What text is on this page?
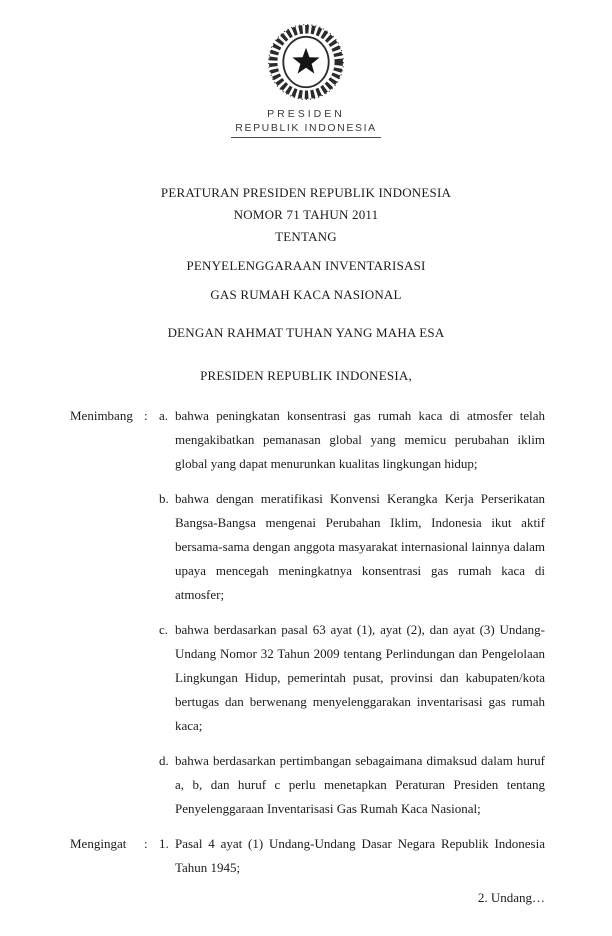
PRESIDEN
REPUBLIK INDONESIA
PERATURAN PRESIDEN REPUBLIK INDONESIA
NOMOR 71 TAHUN 2011
TENTANG
PENYELENGGARAAN INVENTARISASI
GAS RUMAH KACA NASIONAL
DENGAN RAHMAT TUHAN YANG MAHA ESA
PRESIDEN REPUBLIK INDONESIA,
Menimbang : a. bahwa peningkatan konsentrasi gas rumah kaca di atmosfer telah mengakibatkan pemanasan global yang memicu perubahan iklim global yang dapat menurunkan kualitas lingkungan hidup;
b. bahwa dengan meratifikasi Konvensi Kerangka Kerja Perserikatan Bangsa-Bangsa mengenai Perubahan Iklim, Indonesia ikut aktif bersama-sama dengan anggota masyarakat internasional lainnya dalam upaya mencegah meningkatnya konsentrasi gas rumah kaca di atmosfer;
c. bahwa berdasarkan pasal 63 ayat (1), ayat (2), dan ayat (3) Undang-Undang Nomor 32 Tahun 2009 tentang Perlindungan dan Pengelolaan Lingkungan Hidup, pemerintah pusat, provinsi dan kabupaten/kota bertugas dan berwenang menyelenggarakan inventarisasi gas rumah kaca;
d. bahwa berdasarkan pertimbangan sebagaimana dimaksud dalam huruf a, b, dan huruf c perlu menetapkan Peraturan Presiden tentang Penyelenggaraan Inventarisasi Gas Rumah Kaca Nasional;
Mengingat	: 1. Pasal 4 ayat (1) Undang-Undang Dasar Negara Republik Indonesia Tahun 1945;
2. Undang…
